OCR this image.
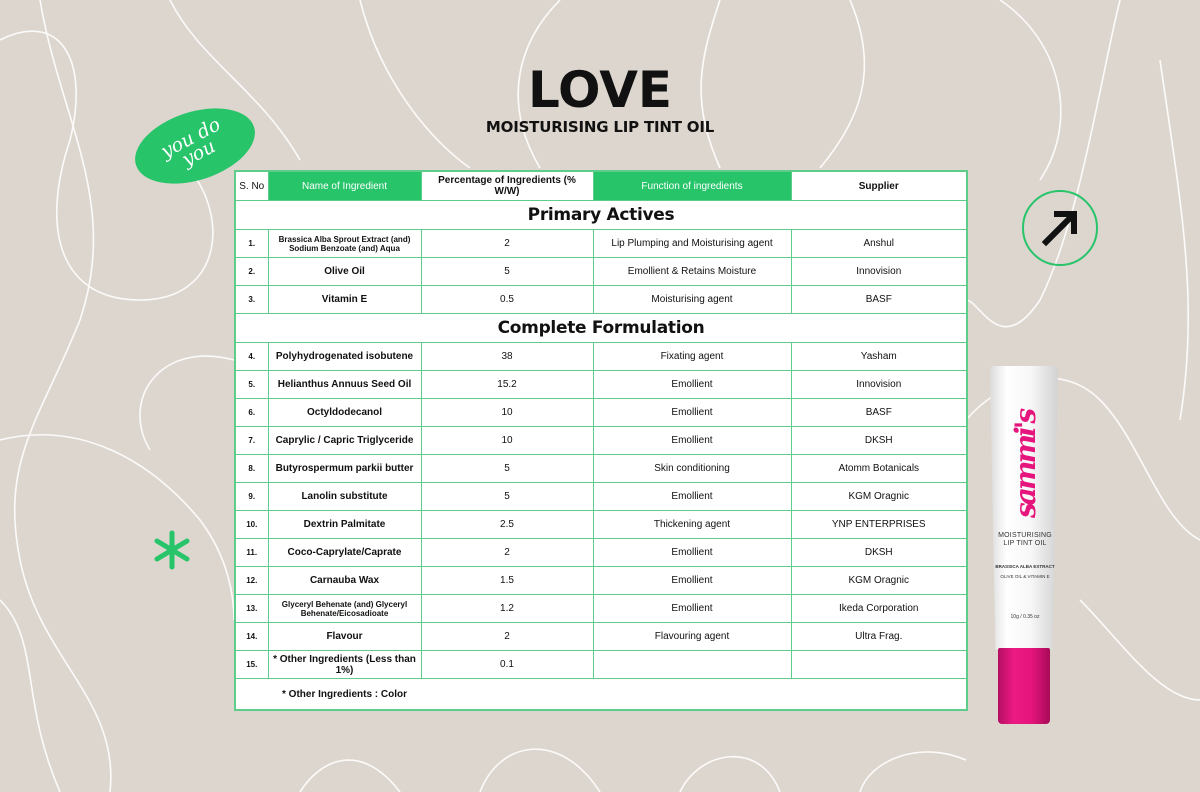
LOVE
MOISTURISING LIP TINT OIL
you do you
S. No	Name of Ingredient	Percentage of Ingredients (% W/W)	Function of ingredients	Supplier
Primary Actives				
1.	Brassica Alba Sprout Extract (and) Sodium Benzoate (and) Aqua	2	Lip Plumping and Moisturising agent	Anshul
2.	Olive Oil	5	Emollient & Retains Moisture	Innovision
3.	Vitamin E	0.5	Moisturising agent	BASF
Complete Formulation				
4.	Polyhydrogenated isobutene	38	Fixating agent	Yasham
5.	Helianthus Annuus Seed Oil	15.2	Emollient	Innovision
6.	Octyldodecanol	10	Emollient	BASF
7.	Caprylic / Capric Triglyceride	10	Emollient	DKSH
8.	Butyrospermum parkii butter	5	Skin conditioning	Atomm Botanicals
9.	Lanolin substitute	5	Emollient	KGM Oragnic
10.	Dextrin Palmitate	2.5	Thickening agent	YNP ENTERPRISES
11.	Coco-Caprylate/Caprate	2	Emollient	DKSH
12.	Carnauba Wax	1.5	Emollient	KGM Oragnic
13.	Glyceryl Behenate (and) Glyceryl Behenate/Eicosadioate	1.2	Emollient	Ikeda Corporation
14.	Flavour	2	Flavouring agent	Ultra Frag.
15.	* Other Ingredients (Less than 1%)	0.1		
* Other Ingredients : Color				
sammi's
MOISTURISING LIP TINT OIL
BRASSICA ALBA EXTRACT
OLIVE OIL & VITAMIN E
10g / 0.35 oz
